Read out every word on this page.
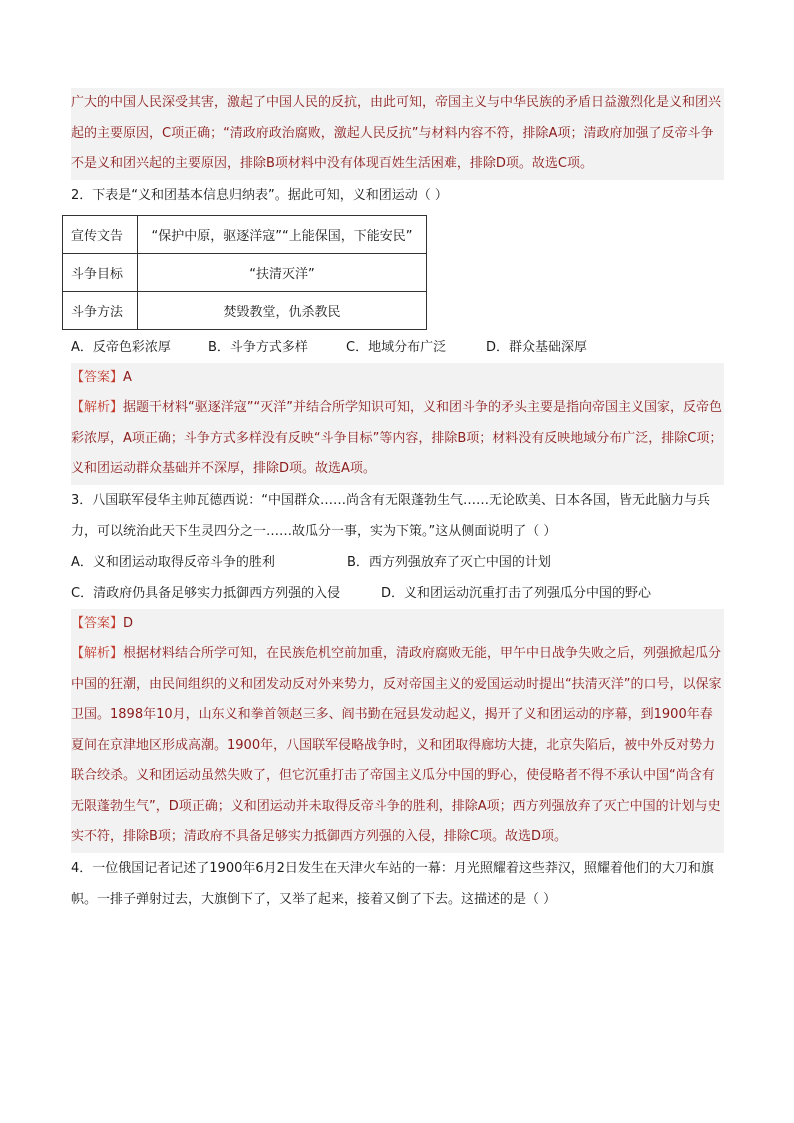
广大的中国人民深受其害，激起了中国人民的反抗，由此可知，帝国主义与中华民族的矛盾日益激烈化是义和团兴起的主要原因，C项正确；“清政府政治腐败，激起人民反抗”与材料内容不符，排除A项；清政府加强了反帝斗争不是义和团兴起的主要原因，排除B项材料中没有体现百姓生活困难，排除D项。故选C项。

2．下表是“义和团基本信息归纳表”。据此可知，义和团运动（ ）

宣传文告	“保护中原，驱逐洋寇”“上能保国，下能安民”
斗争目标	“扶清灭洋”
斗争方法	焚毁教堂，仇杀教民
A．反帝色彩浓厚	B．斗争方式多样	C．地域分布广泛	D．群众基础深厚

【答案】A

【解析】据题干材料“驱逐洋寇”“灭洋”并结合所学知识可知，义和团斗争的矛头主要是指向帝国主义国家，反帝色彩浓厚，A项正确；斗争方式多样没有反映“斗争目标”等内容，排除B项；材料没有反映地域分布广泛，排除C项；义和团运动群众基础并不深厚，排除D项。故选A项。

3．八国联军侵华主帅瓦德西说：“中国群众……尚含有无限蓬勃生气……无论欧美、日本各国，皆无此脑力与兵力，可以统治此天下生灵四分之一……故瓜分一事，实为下策。”这从侧面说明了（ ）

A．义和团运动取得反帝斗争的胜利	B．西方列强放弃了灭亡中国的计划
C．清政府仍具备足够实力抵御西方列强的入侵	D．义和团运动沉重打击了列强瓜分中国的野心

【答案】D

【解析】根据材料结合所学可知，在民族危机空前加重，清政府腐败无能，甲午中日战争失败之后，列强掀起瓜分中国的狂潮，由民间组织的义和团发动反对外来势力，反对帝国主义的爱国运动时提出“扶清灭洋”的口号，以保家卫国。1898年10月，山东义和拳首领赵三多、阎书勤在冠县发动起义，揭开了义和团运动的序幕，到1900年春夏间在京津地区形成高潮。1900年，八国联军侵略战争时，义和团取得廊坊大捷，北京失陷后，被中外反对势力联合绞杀。义和团运动虽然失败了，但它沉重打击了帝国主义瓜分中国的野心，使侵略者不得不承认中国“尚含有无限蓬勃生气”，D项正确；义和团运动并未取得反帝斗争的胜利，排除A项；西方列强放弃了灭亡中国的计划与史实不符，排除B项；清政府不具备足够实力抵御西方列强的入侵，排除C项。故选D项。

4．一位俄国记者记述了1900年6月2日发生在天津火车站的一幕：月光照耀着这些莽汉，照耀着他们的大刀和旗帜。一排子弹射过去，大旗倒下了，又举了起来，接着又倒了下去。这描述的是（ ）
